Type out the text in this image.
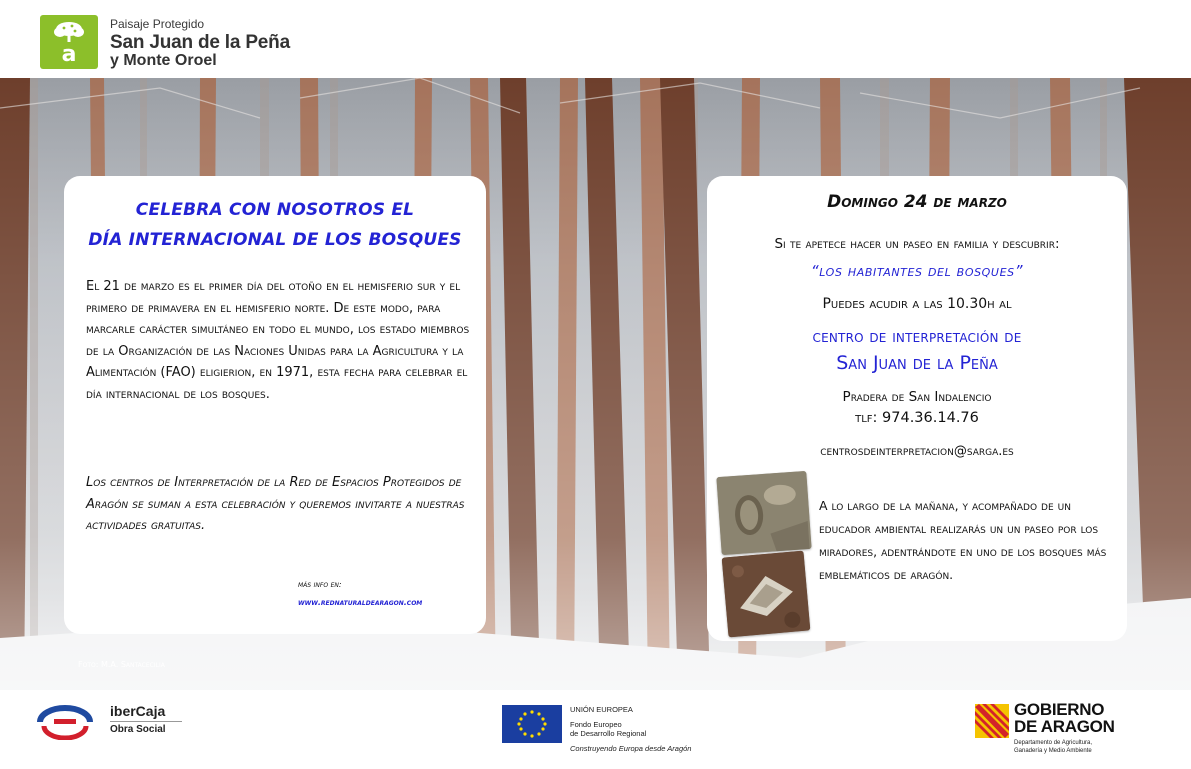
a
Paisaje Protegido
San Juan de la Peña
y Monte Oroel
CELEBRA CON NOSOTROS EL
DÍA INTERNACIONAL DE LOS BOSQUES
El 21 de marzo es el primer día del otoño en el hemisferio sur y el primero de primavera en el hemisferio norte. De este modo, para marcarle carácter simultáneo en todo el mundo, los estado miembros de la Organización de las Naciones Unidas para la Agricultura y la Alimentación (FAO) eligierion, en 1971, esta fecha para celebrar el día internacional de los bosques.
Los centros de Interpretación de la Red de Espacios Protegidos de Aragón se suman a esta celebración y queremos invitarte a nuestras actividades gratuitas.
más info en:
www.rednaturaldearagon.com
Domingo 24 de marzo
Si te apetece hacer un paseo en familia y descubrir:
“los habitantes del bosques”
Puedes acudir a las 10.30h al
centro de interpretación de
San Juan de la Peña
Pradera de San Indalencio
tlf: 974.36.14.76
centrosdeinterpretacion@sarga.es
A lo largo de la mañana, y acompañado de un educador ambiental realizarás un un paseo por los miradores, adentrándote en uno de los bosques más emblemáticos de aragón.
Foto: M.A. Santacecilia
iberCaja
Obra Social
UNIÓN EUROPEA
Fondo Europeo
de Desarrollo Regional
Construyendo Europa desde Aragón
GOBIERNO
DE ARAGON
Departamento de Agricultura,
Ganadería y Medio Ambiente
